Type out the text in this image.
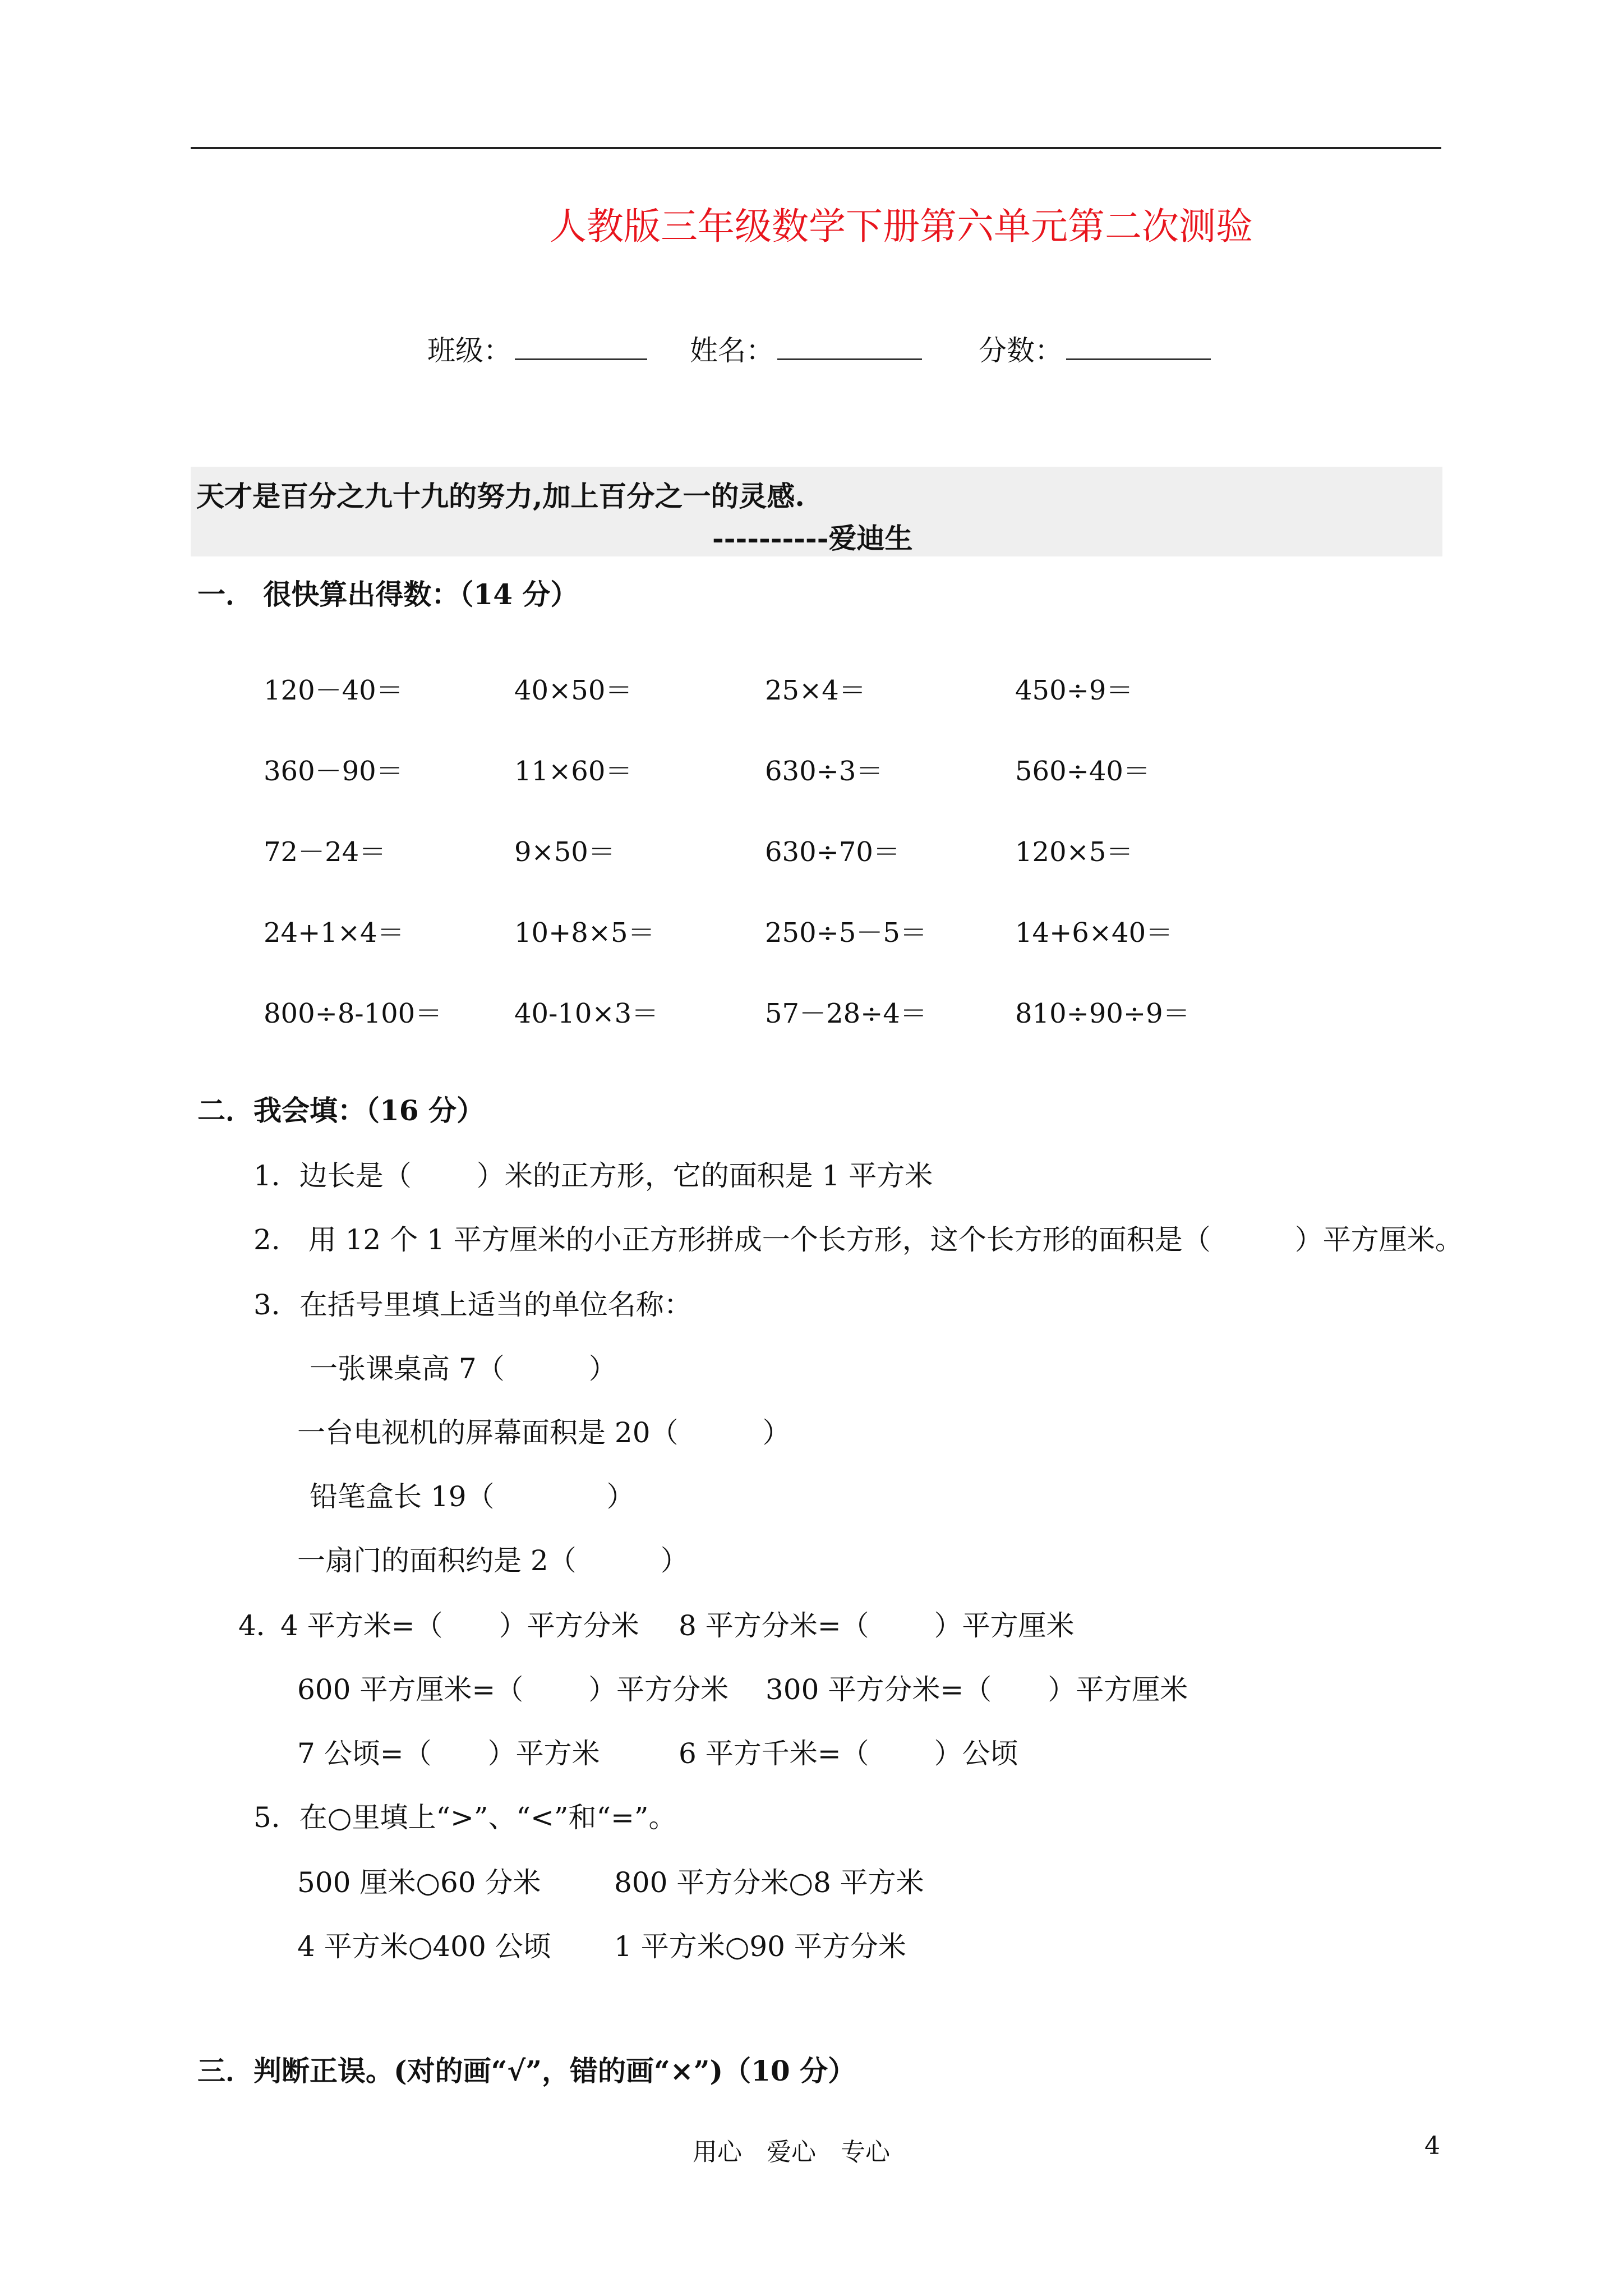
人教版三年级数学下册第六单元第二次测验
班级：	姓名：	分数：
天才是百分之九十九的努力,加上百分之一的灵感.
----------爱迪生
一． 很快算出得数：（14 分）
120－40＝	40×50＝	25×4＝	450÷9＝
360－90＝	11×60＝	630÷3＝	560÷40＝
72－24＝	9×50＝	630÷70＝	120×5＝
24+1×4＝	10+8×5＝	250÷5－5＝	14+6×40＝
800÷8-100＝	40-10×3＝	57－28÷4＝	810÷90÷9＝
二．我会填：（16 分）
1．边长是（　　 ）米的正方形，它的面积是 1 平方米
2.　用 12 个 1 平方厘米的小正方形拼成一个长方形，这个长方形的面积是（　　　）平方厘米。
3．在括号里填上适当的单位名称：
一张课桌高 7（　　　）
一台电视机的屏幕面积是 20（　　　）
铅笔盒长 19（　　　　）
一扇门的面积约是 2（　　　）
4．
4 平方米=（　　）平方分米 8 平方分米=（　　 ）平方厘米
600 平方厘米=（　　 ）平方分米 300 平方分米=（　　）平方厘米
7 公顷=（　　）平方米	6 平方千米=（　　 ）公顷
5．在○里填上“>”、“<”和“=”。
500 厘米○60 分米	800 平方分米○8 平方米
4 平方米○400 公顷 1 平方米○90 平方分米
三．判断正误。(对的画“√”，错的画“×”)（10 分）
用心　爱心　专心	4
